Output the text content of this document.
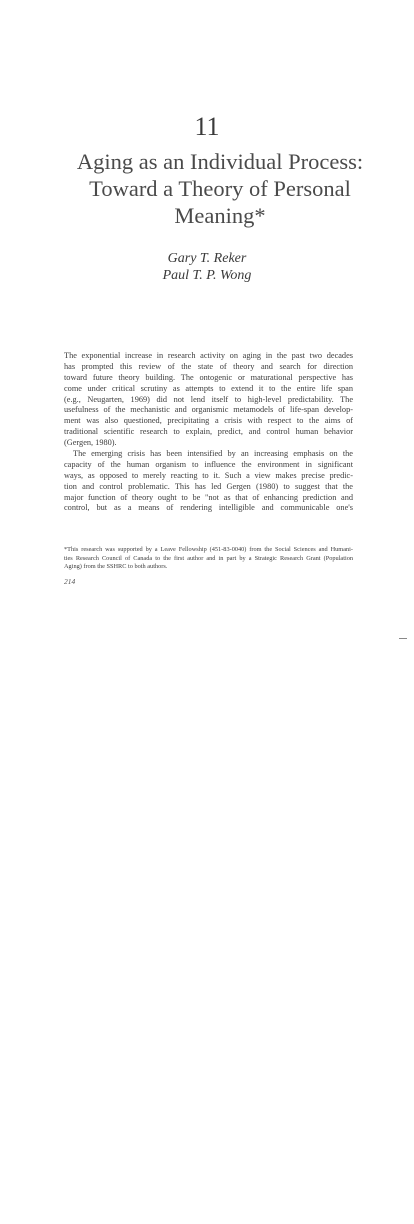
11
Aging as an Individual Process:
Toward a Theory of Personal
Meaning*
Gary T. Reker
Paul T. P. Wong
The exponential increase in research activity on aging in the past two decades
has prompted this review of the state of theory and search for direction
toward future theory building. The ontogenic or maturational perspective has
come under critical scrutiny as attempts to extend it to the entire life span
(e.g., Neugarten, 1969) did not lend itself to high-level predictability. The
usefulness of the mechanistic and organismic metamodels of life-span develop-
ment was also questioned, precipitating a crisis with respect to the aims of
traditional scientific research to explain, predict, and control human behavior
(Gergen, 1980).
The emerging crisis has been intensified by an increasing emphasis on the
capacity of the human organism to influence the environment in significant
ways, as opposed to merely reacting to it. Such a view makes precise predic-
tion and control problematic. This has led Gergen (1980) to suggest that the
major function of theory ought to be "not as that of enhancing prediction and
control, but as a means of rendering intelligible and communicable one's
*This research was supported by a Leave Fellowship (451-83-0040) from the Social Sciences and Humani-
ties Research Council of Canada to the first author and in part by a Strategic Research Grant (Population
Aging) from the SSHRC to both authors.
214
